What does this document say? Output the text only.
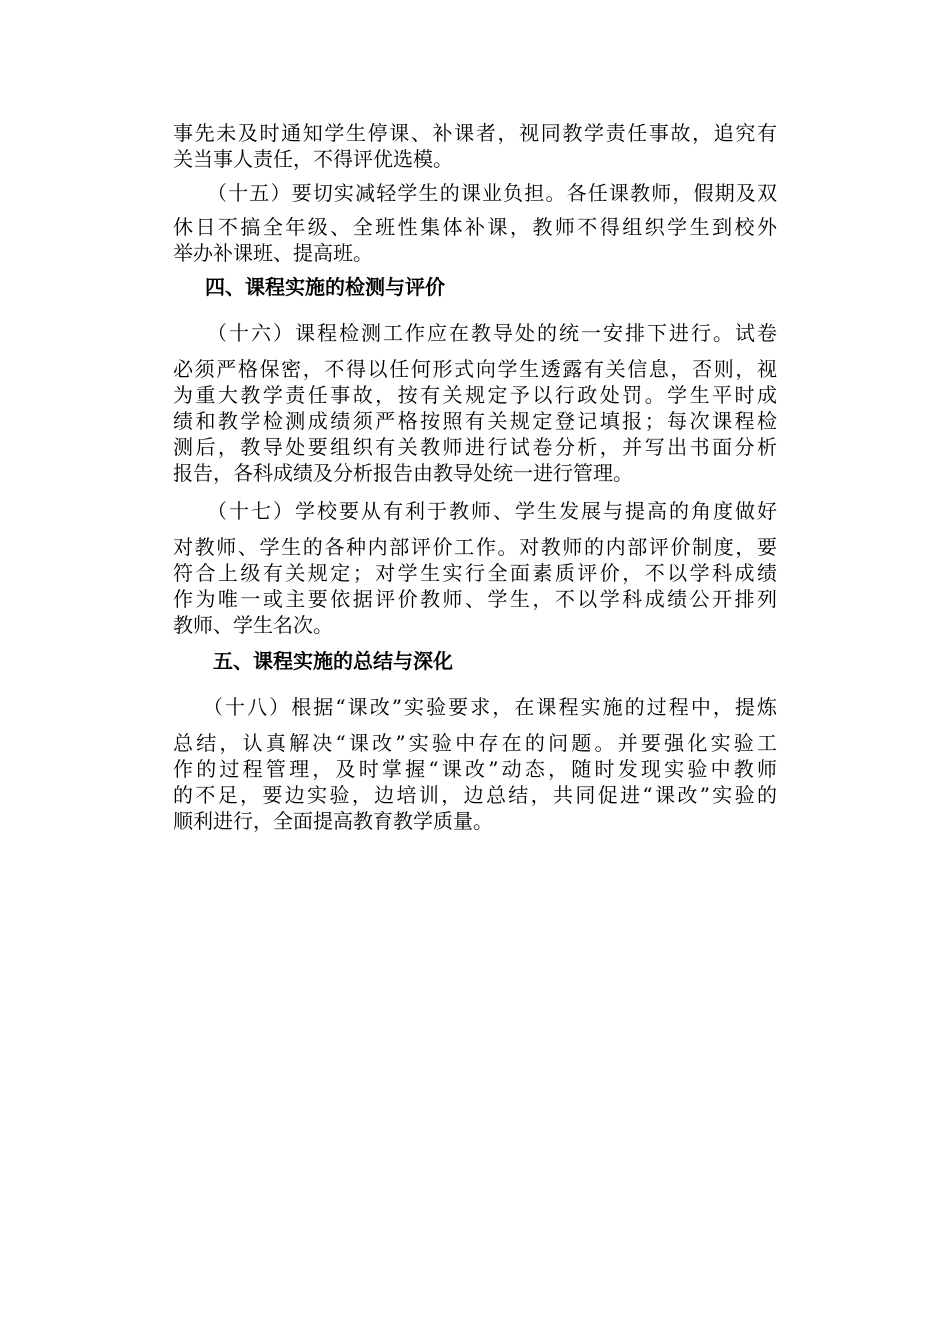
事先未及时通知学生停课、补课者，视同教学责任事故，追究有
关当事人责任，不得评优选模。
（十五）要切实减轻学生的课业负担。各任课教师，假期及双
休日不搞全年级、全班性集体补课，教师不得组织学生到校外
举办补课班、提高班。
四、课程实施的检测与评价
（十六）课程检测工作应在教导处的统一安排下进行。试卷
必须严格保密，不得以任何形式向学生透露有关信息，否则，视
为重大教学责任事故，按有关规定予以行政处罚。学生平时成
绩和教学检测成绩须严格按照有关规定登记填报；每次课程检
测后，教导处要组织有关教师进行试卷分析，并写出书面分析
报告，各科成绩及分析报告由教导处统一进行管理。
（十七）学校要从有利于教师、学生发展与提高的角度做好
对教师、学生的各种内部评价工作。对教师的内部评价制度，要
符合上级有关规定；对学生实行全面素质评价，不以学科成绩
作为唯一或主要依据评价教师、学生，不以学科成绩公开排列
教师、学生名次。
五、课程实施的总结与深化
（十八）根据“课改”实验要求，在课程实施的过程中，提炼
总结，认真解决“课改”实验中存在的问题。并要强化实验工
作的过程管理，及时掌握“课改”动态，随时发现实验中教师
的不足，要边实验，边培训，边总结，共同促进“课改”实验的
顺利进行，全面提高教育教学质量。
